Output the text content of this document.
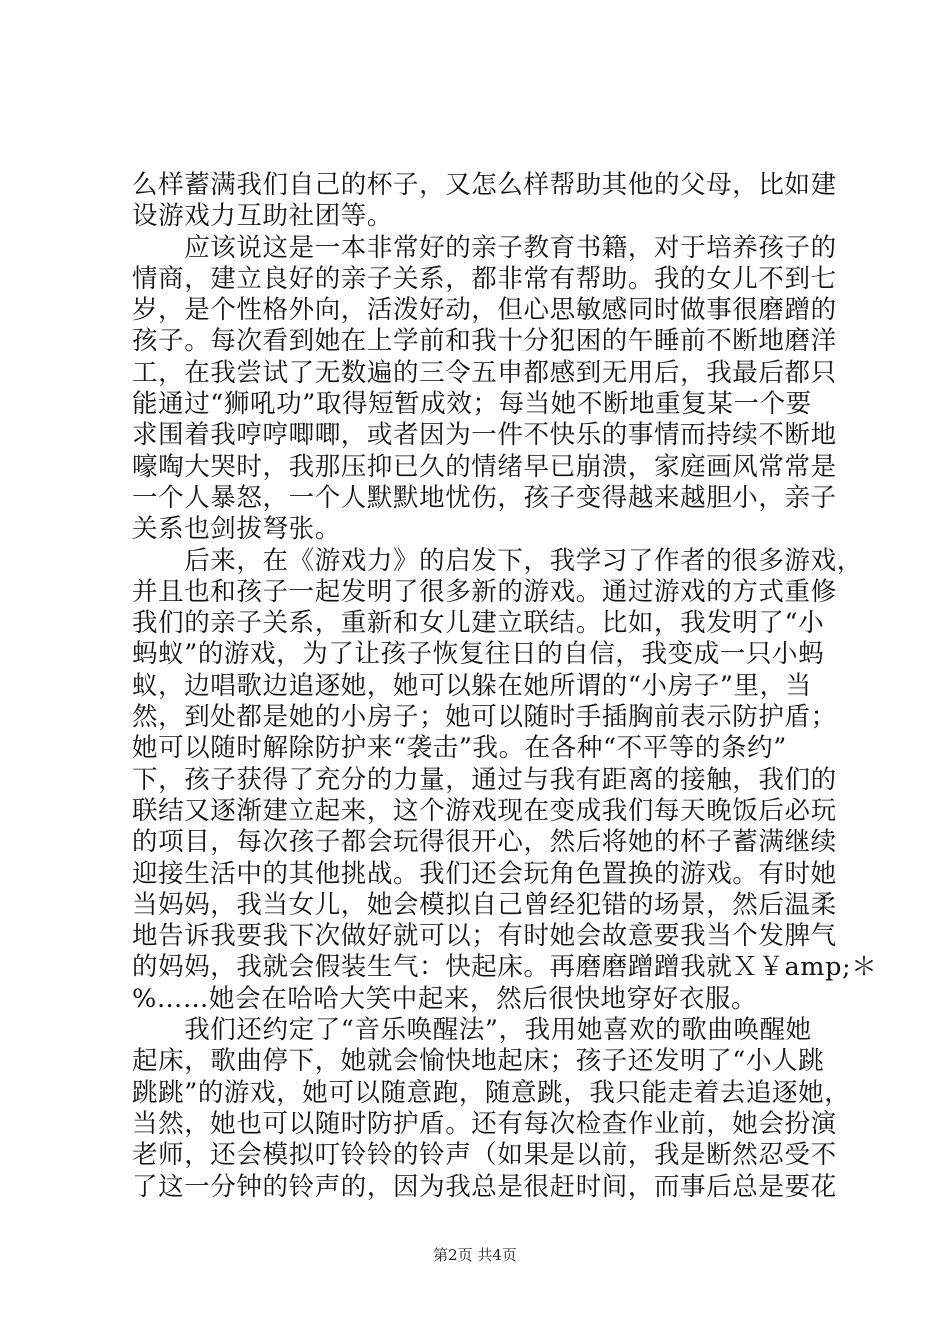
么样蓄满我们自己的杯子，又怎么样帮助其他的父母，比如建
设游戏力互助社团等。
　　应该说这是一本非常好的亲子教育书籍，对于培养孩子的
情商，建立良好的亲子关系，都非常有帮助。我的女儿不到七
岁，是个性格外向，活泼好动，但心思敏感同时做事很磨蹭的
孩子。每次看到她在上学前和我十分犯困的午睡前不断地磨洋
工，在我尝试了无数遍的三令五申都感到无用后，我最后都只
能通过“狮吼功”取得短暂成效；每当她不断地重复某一个要
求围着我哼哼唧唧，或者因为一件不快乐的事情而持续不断地
嚎啕大哭时，我那压抑已久的情绪早已崩溃，家庭画风常常是
一个人暴怒，一个人默默地忧伤，孩子变得越来越胆小，亲子
关系也剑拔弩张。
　　后来，在《游戏力》的启发下，我学习了作者的很多游戏，
并且也和孩子一起发明了很多新的游戏。通过游戏的方式重修
我们的亲子关系，重新和女儿建立联结。比如，我发明了“小
蚂蚁”的游戏，为了让孩子恢复往日的自信，我变成一只小蚂
蚁，边唱歌边追逐她，她可以躲在她所谓的“小房子”里，当
然，到处都是她的小房子；她可以随时手插胸前表示防护盾；
她可以随时解除防护来“袭击”我。在各种“不平等的条约”
下，孩子获得了充分的力量，通过与我有距离的接触，我们的
联结又逐渐建立起来，这个游戏现在变成我们每天晚饭后必玩
的项目，每次孩子都会玩得很开心，然后将她的杯子蓄满继续
迎接生活中的其他挑战。我们还会玩角色置换的游戏。有时她
当妈妈，我当女儿，她会模拟自己曾经犯错的场景，然后温柔
地告诉我要我下次做好就可以；有时她会故意要我当个发脾气
的妈妈，我就会假装生气：快起床。再磨磨蹭蹭我就Ｘ￥amp;＊
%……她会在哈哈大笑中起来，然后很快地穿好衣服。
　　我们还约定了“音乐唤醒法”，我用她喜欢的歌曲唤醒她
起床，歌曲停下，她就会愉快地起床；孩子还发明了“小人跳
跳跳”的游戏，她可以随意跑，随意跳，我只能走着去追逐她，
当然，她也可以随时防护盾。还有每次检查作业前，她会扮演
老师，还会模拟叮铃铃的铃声（如果是以前，我是断然忍受不
了这一分钟的铃声的，因为我总是很赶时间，而事后总是要花
第2页 共4页
